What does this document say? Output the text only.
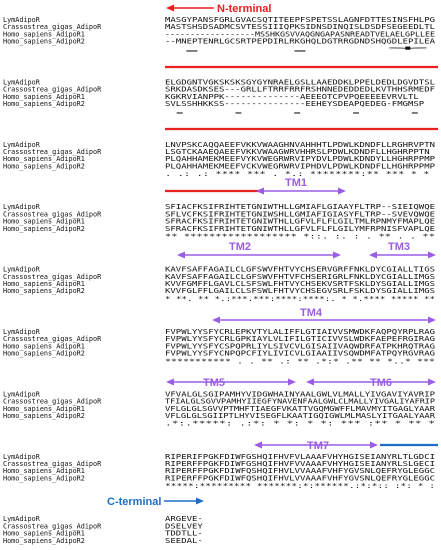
LymAdipoR	MASGYPANSFGRLGVACSQTITEEPFSPETSSLAGNFDTTESINSFHLPG
Crassostrea_gigas_AdipoR	MASTSHSDSADMCSVTESSIIIQPKSIDNSDINQISLDSDFSEGEEDLTL
Homo_sapiens_AdipoR1	------------------MSSHKGSVVAQGNGAPASNREADTVELAELGPLLEE
Homo_sapiens_AdipoR2	--MNEPTENRLGCSRTPEPDIRLRKGHQLDGTRRGDNDSHQGDLEPILEA
. . *
LymAdipoR	ELGDGNTVGKSKSKSGYGYNRAELGSLLAAEDDKLPPELDEDLDGVDTSL
Crassostrea_gigas_AdipoR	SRKDASDKSES---GRLLFTRRFRRFRSHNNEDEDDEDLKVTHHSRMEDF
Homo_sapiens_AdipoR1	KGKRVIANPPK--------------AEEEOTCPVPQEEEEEVRVLTL
Homo_sapiens_AdipoR2	SVLSSHHKKSS---------------EEHEYSDEAPQEDEG-FMGMSP
. . . . .
LymAdipoR	LNVPSKCAQQAEEFVKKVWAAGHNVAHHHTLPDWLKDNDFLLRGHRVPTN
Crassostrea_gigas_AdipoR	LSGTCKAAEQAEEFVKKVWAAGWRVHHRSLPDWLKDNDFLLHGHRPPTN
Homo_sapiens_AdipoR1	PLQAHHAMEKMEEFVYKVWEGRWRVIPYDVLPDWLKDNDYLLHGHRPPMP
Homo_sapiens_AdipoR2	PLQAHHAMEKMEEFVCKVWEGRWRVIPHDVLPDWLKDNDFLLHGHRPPMP
. .: .: **** *** . *.: ********:** *** * *
LymAdipoR	SFIACFKSIFRIHTETGNIWTHLLGMIAFLGIAAYFLTRP--SIEIQWQE
Crassostrea_gigas_AdipoR	SFLVCFKSIFRIHTETGNIWSHLLGMIAFIGIASYFLTRP--SVEVQWQE
Homo_sapiens_AdipoR1	SFRACFKSIFRIHTETGNIWTHLLGFVLFLFLGILTMLRPNMYFMAPLQE
Homo_sapiens_AdipoR2	SFRACFKSIFRIHTETGNIWTHLLGFVLFLFLGILYMFRPNISFVAPLQE
** ****************** *::. :. : . ** . . **
LymAdipoR	KAVFSAFFAGAILCLGFSWVFHTVYCHSERVGRFFNKLDYCGIALLTIGS
Crassostrea_gigas_AdipoR	KAVFSAFFAGAILCLGFSWVFHTVFCHSERIGRLFNKLDYCGIALLIMGS
Homo_sapiens_AdipoR1	KVVFGMFFLGAVLCLSFSWLFHTVYCHSEKVSRTFSKLDYSGIALLIMGS
Homo_sapiens_AdipoR2	KVVFGLFFLGAILCLSFSWLFHTVYCHSEGVSRLFSKLDYSGIALLIMGS
* **. ** *.:***.***:****:****:. * *.**** ***** **
LymAdipoR	FVPWLYYSFYCRLEPKVTYLALIFFLGTIAIVVSMWDKFAQPQYRPLRAG
Crassostrea_gigas_AdipoR	FVPWLYYSFYCRLGPKIAYLVLIFILGTICIVVSLWDKFAEPEFRGIRAG
Homo_sapiens_AdipoR1	FVPWLYYSFYCSPQPRLIYLSIVCVLGISAIIVAQWDRFATPKHRQTRAG
Homo_sapiens_AdipoR2	FVPWLYYSFYCNPQPCFIYLIVICVLGIAAIIVSQWDMFATPQYRGVRAG
*********** . . ** .: ** .*:* .** ** *..* ***
LymAdipoR	VFVALGLSGIPAMHYVIDGWHAINYAALGWLVLMALLYIVGAVIYAVRIP
Crassostrea_gigas_AdipoR	TFIALGLSGVVPAMHYIIEGFYNAVENFAALGWLCLMALLYIVGALIYAFRIP
Homo_sapiens_AdipoR1	VFLGLGLSGVVPTMHFTIAEGFVKATTVGQMGWFFLMAVMYITGAGLYAAR
Homo_sapiens_AdipoR2	VFLGLGLSGIIPTLHYVISEGFLKAATIGQIGWLMLMASLYITGAALYAAR
.*:.*****: .:*: * *: * *: *** :** * ** *
LymAdipoR	RIPERIFPGKFDIWFGSHQIFHVFVLAAAFVHYHGISEIANYRLTLGDCI
Crassostrea_gigas_AdipoR	RIPERFFPGKFDIWFGSHQIFHVFVVAAAFVHYHGISEIANYRLSLGECI
Homo_sapiens_AdipoR1	RIPERFFPGKFDIWFQSHQIFHVLVVAAAFVHFYGVSNLQEFRYGLEGGC
Homo_sapiens_AdipoR2	RIPERFFPGKFDIWFQSHQIFHVLVVAAAFVHFYGVSNLQEFRYGLEGGC
*****:********* *******:*:******.:*:*:: :*: * :
LymAdipoR	ARGEVE-
Crassostrea_gigas_AdipoR	DSELVEY
Homo_sapiens_AdipoR1	TDDTLL-
Homo_sapiens_AdipoR2	SEEDAL-
N-terminal
TM1
TM2	TM3
TM4
TM5	TM6
TM7
C-terminal
